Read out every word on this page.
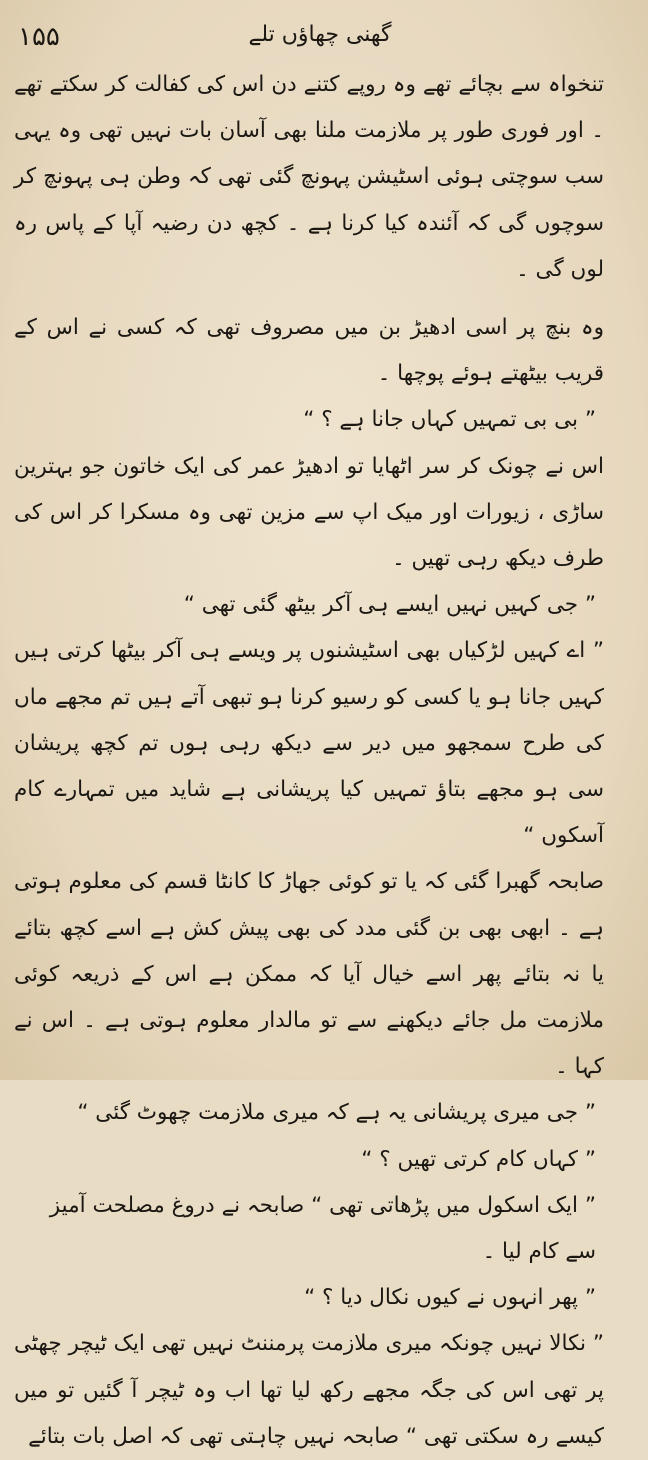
۱۵۵	گھنی چھاؤں تلے

تنخواہ سے بچائے تھے وہ روپے کتنے دن اس کی کفالت کر سکتے تھے ۔ اور فوری طور پر ملازمت ملنا بھی آسان بات نہیں تھی وہ یہی سب سوچتی ہوئی اسٹیشن پہونچ گئی تھی کہ وطن ہی پہونچ کر سوچوں گی کہ آئندہ کیا کرنا ہے ۔ کچھ دن رضیہ آپا کے پاس رہ لوں گی ۔

وہ بنچ پر اسی ادھیڑ بن میں مصروف تھی کہ کسی نے اس کے قریب بیٹھتے ہوئے پوچھا ۔

” بی بی تمہیں کہاں جانا ہے ؟ “

اس نے چونک کر سر اٹھایا تو ادھیڑ عمر کی ایک خاتون جو بہترین ساڑی ، زیورات اور میک اپ سے مزین تھی وہ مسکرا کر اس کی طرف دیکھ رہی تھیں ۔

” جی کہیں نہیں ایسے ہی آکر بیٹھ گئی تھی “

” اے کہیں لڑکیاں بھی اسٹیشنوں پر ویسے ہی آکر بیٹھا کرتی ہیں کہیں جانا ہو یا کسی کو رسیو کرنا ہو تبھی آتے ہیں تم مجھے ماں کی طرح سمجھو میں دیر سے دیکھ رہی ہوں تم کچھ پریشان سی ہو مجھے بتاؤ تمہیں کیا پریشانی ہے شاید میں تمہارے کام آسکوں “

صابحہ گھبرا گئی کہ یا تو کوئی جھاڑ کا کانٹا قسم کی معلوم ہوتی ہے ۔ ابھی بھی بن گئی مدد کی بھی پیش کش ہے اسے کچھ بتائے یا نہ بتائے پھر اسے خیال آیا کہ ممکن ہے اس کے ذریعہ کوئی ملازمت مل جائے دیکھنے سے تو مالدار معلوم ہوتی ہے ۔ اس نے کہا ۔

” جی میری پریشانی یہ ہے کہ میری ملازمت چھوٹ گئی “

” کہاں کام کرتی تھیں ؟ “

” ایک اسکول میں پڑھاتی تھی “ صابحہ نے دروغ مصلحت آمیز سے کام لیا ۔

” پھر انہوں نے کیوں نکال دیا ؟ “

” نکالا نہیں چونکہ میری ملازمت پرمننٹ نہیں تھی ایک ٹیچر چھٹی پر تھی اس کی جگہ مجھے رکھ لیا تھا اب وہ ٹیچر آ گئیں تو میں کیسے رہ سکتی تھی “ صابحہ نہیں چاہتی تھی کہ اصل بات بتائے
